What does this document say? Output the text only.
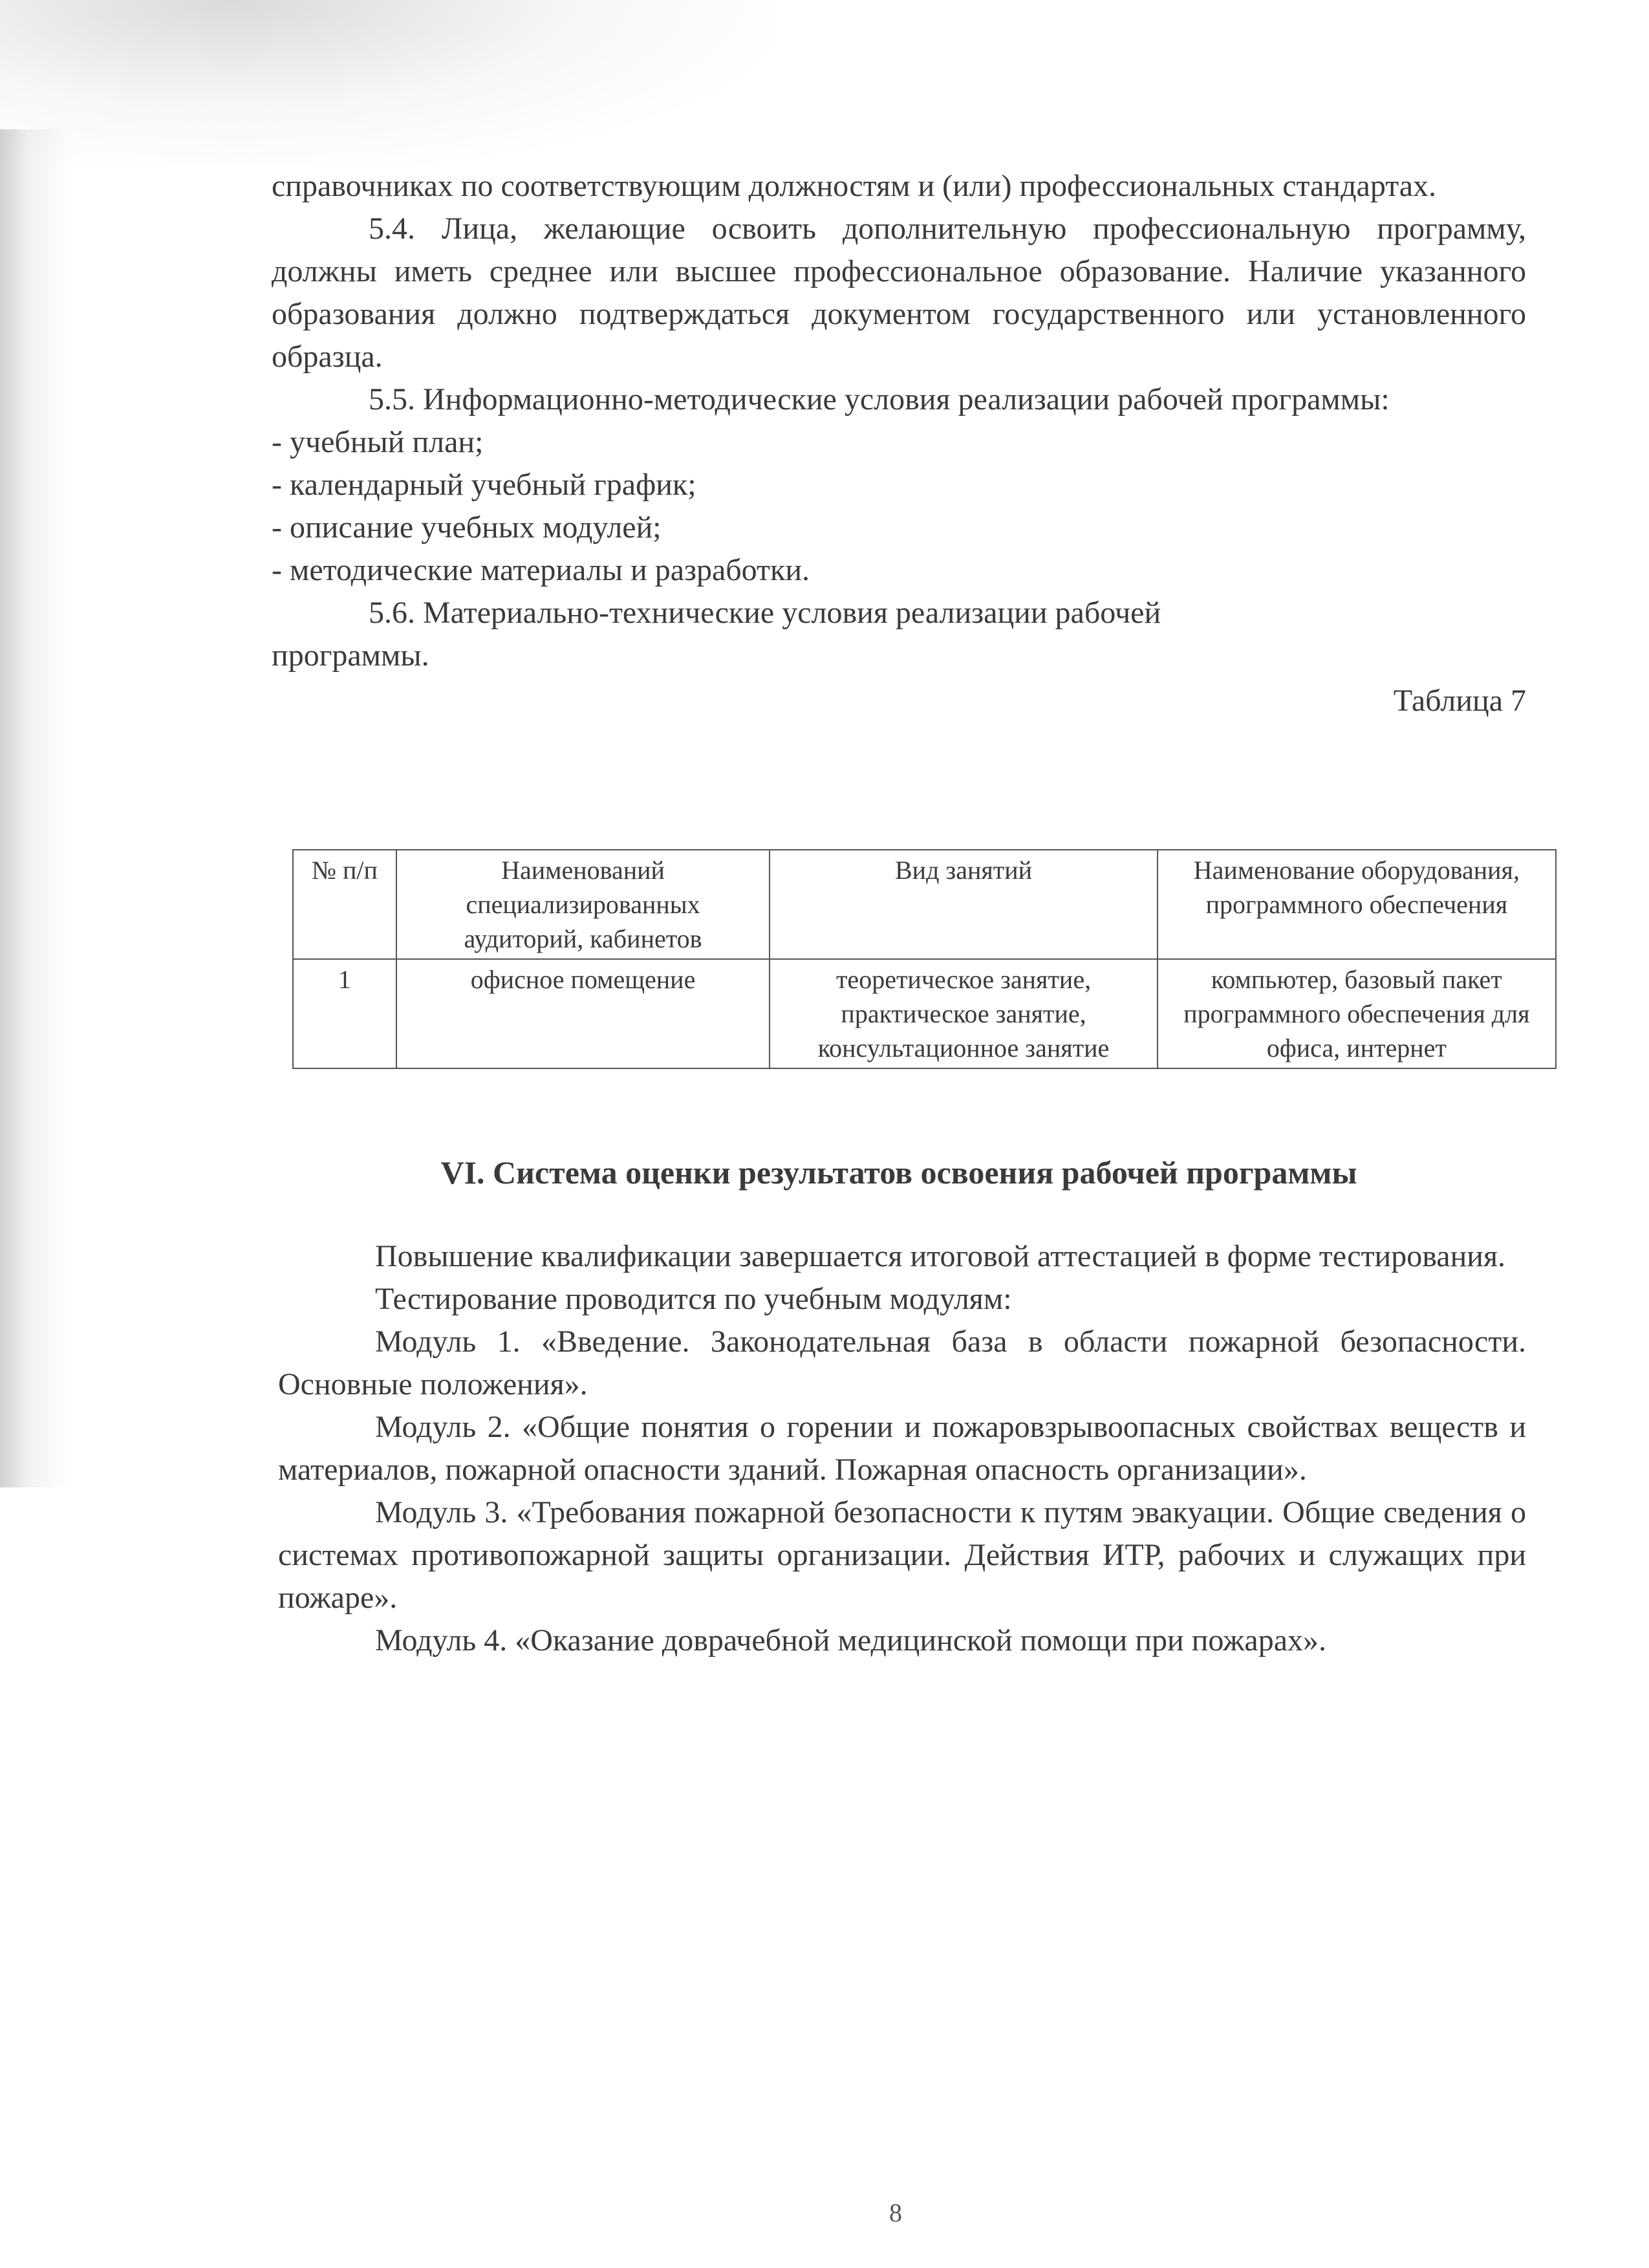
справочниках по соответствующим должностям и (или) профессиональных стандартах.

5.4. Лица, желающие освоить дополнительную профессиональную программу, должны иметь среднее или высшее профессиональное образование. Наличие указанного образования должно подтверждаться документом государственного или установленного образца.

5.5. Информационно-методические условия реализации рабочей программы:

- учебный план;

- календарный учебный график;

- описание учебных модулей;

- методические материалы и разработки.

5.6. Материально-технические условия реализации рабочей

программы.

Таблица 7

№ п/п	Наименований специализированных аудиторий, кабинетов	Вид занятий	Наименование оборудования, программного обеспечения
1	офисное помещение	теоретическое занятие, практическое занятие, консультационное занятие	компьютер, базовый пакет программного обеспечения для офиса, интернет
VI. Система оценки результатов освоения рабочей программы

Повышение квалификации завершается итоговой аттестацией в форме тестирования.

Тестирование проводится по учебным модулям:

Модуль 1. «Введение. Законодательная база в области пожарной безопасности. Основные положения».

Модуль 2. «Общие понятия о горении и пожаровзрывоопасных свойствах веществ и материалов, пожарной опасности зданий. Пожарная опасность организации».

Модуль 3. «Требования пожарной безопасности к путям эвакуации. Общие сведения о системах противопожарной защиты организации. Действия ИТР, рабочих и служащих при пожаре».

Модуль 4. «Оказание доврачебной медицинской помощи при пожарах».

8
